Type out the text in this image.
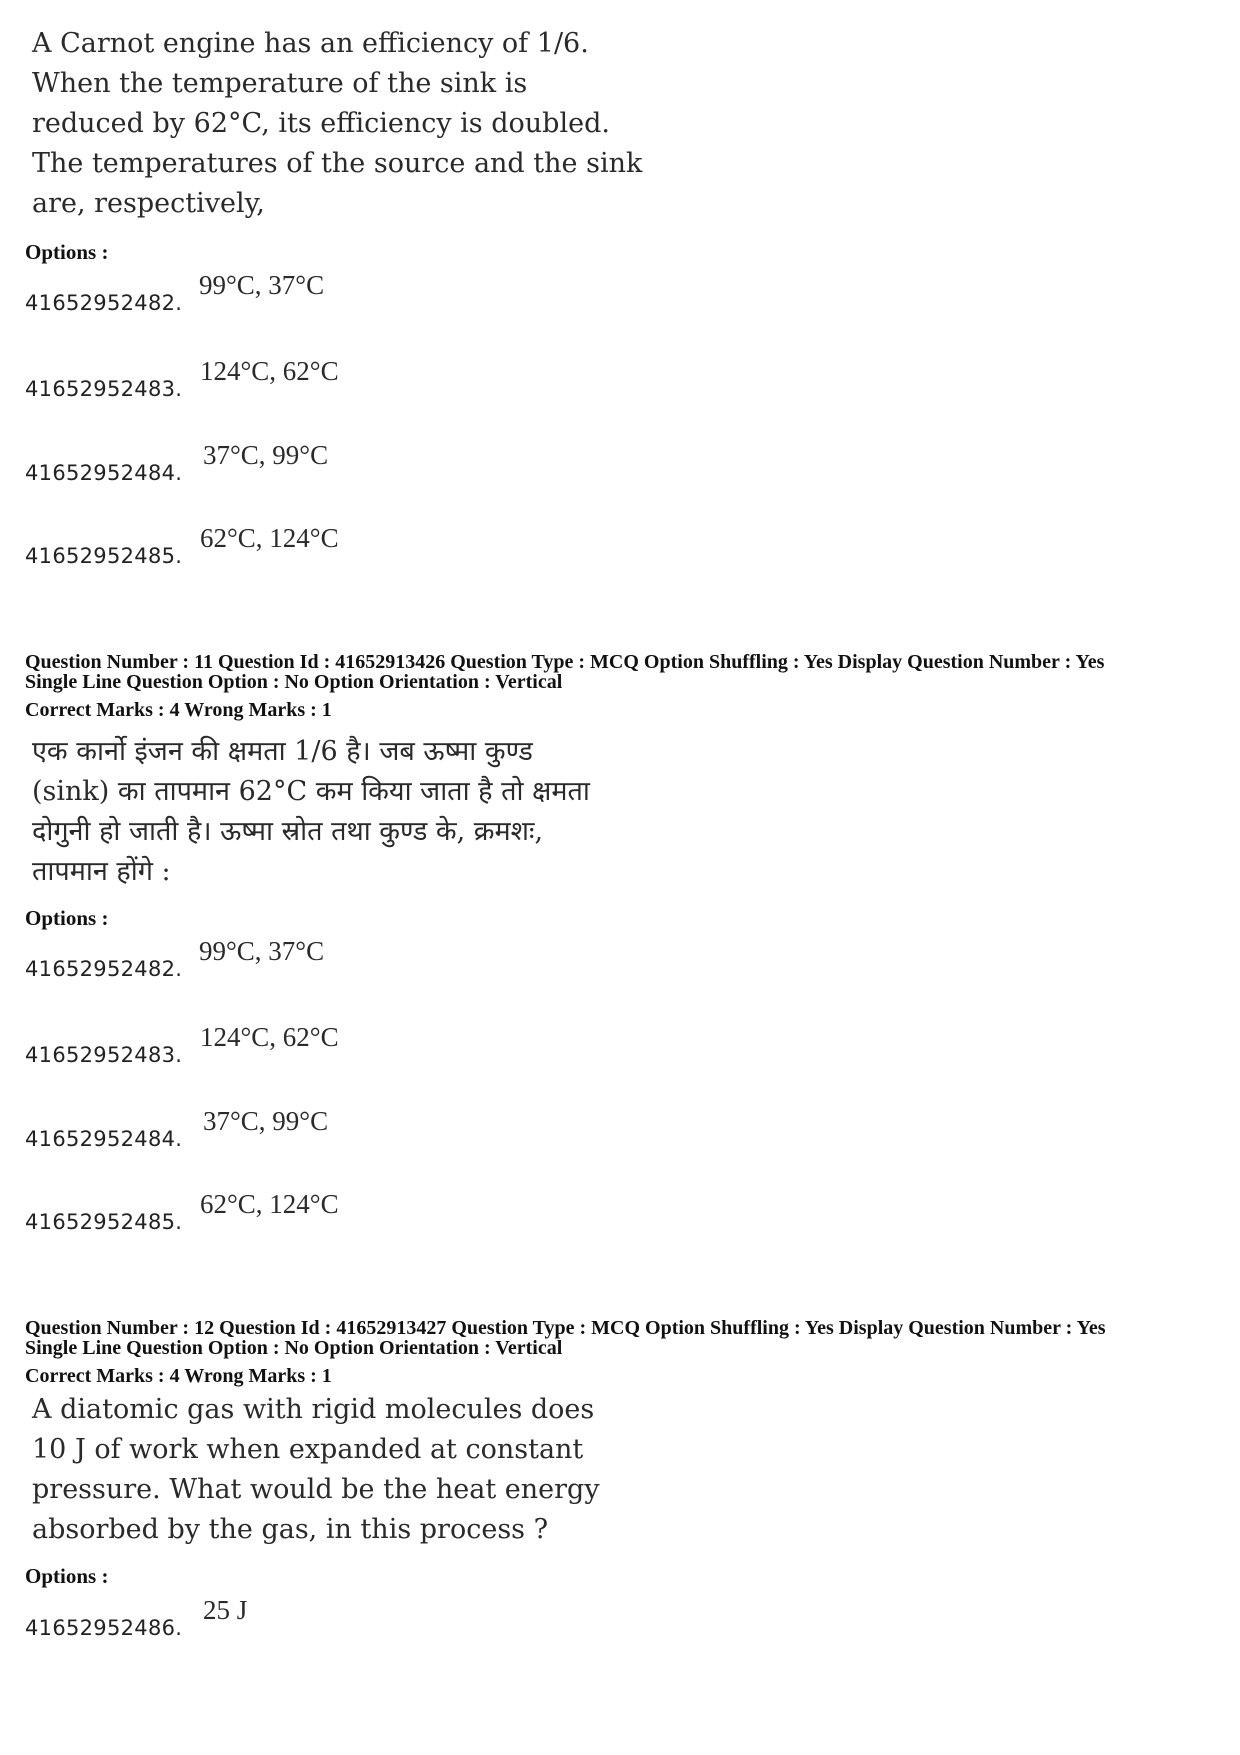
A Carnot engine has an efficiency of 1/6.
When the temperature of the sink is
reduced by 62°C, its efficiency is doubled.
The temperatures of the source and the sink
are, respectively,
Options :
41652952482.
99°C, 37°C
41652952483.
124°C, 62°C
41652952484.
37°C, 99°C
41652952485.
62°C, 124°C
Question Number : 11 Question Id : 41652913426 Question Type : MCQ Option Shuffling : Yes Display Question Number : Yes
Single Line Question Option : No Option Orientation : Vertical
Correct Marks : 4 Wrong Marks : 1
एक कार्नो इंजन की क्षमता 1/6 है। जब ऊष्मा कुण्ड
(sink) का तापमान 62°C कम किया जाता है तो क्षमता
दोगुनी हो जाती है। ऊष्मा स्रोत तथा कुण्ड के, क्रमशः,
तापमान होंगे :
Options :
41652952482.
99°C, 37°C
41652952483.
124°C, 62°C
41652952484.
37°C, 99°C
41652952485.
62°C, 124°C
Question Number : 12 Question Id : 41652913427 Question Type : MCQ Option Shuffling : Yes Display Question Number : Yes
Single Line Question Option : No Option Orientation : Vertical
Correct Marks : 4 Wrong Marks : 1
A diatomic gas with rigid molecules does
10 J of work when expanded at constant
pressure. What would be the heat energy
absorbed by the gas, in this process ?
Options :
41652952486.
25 J
